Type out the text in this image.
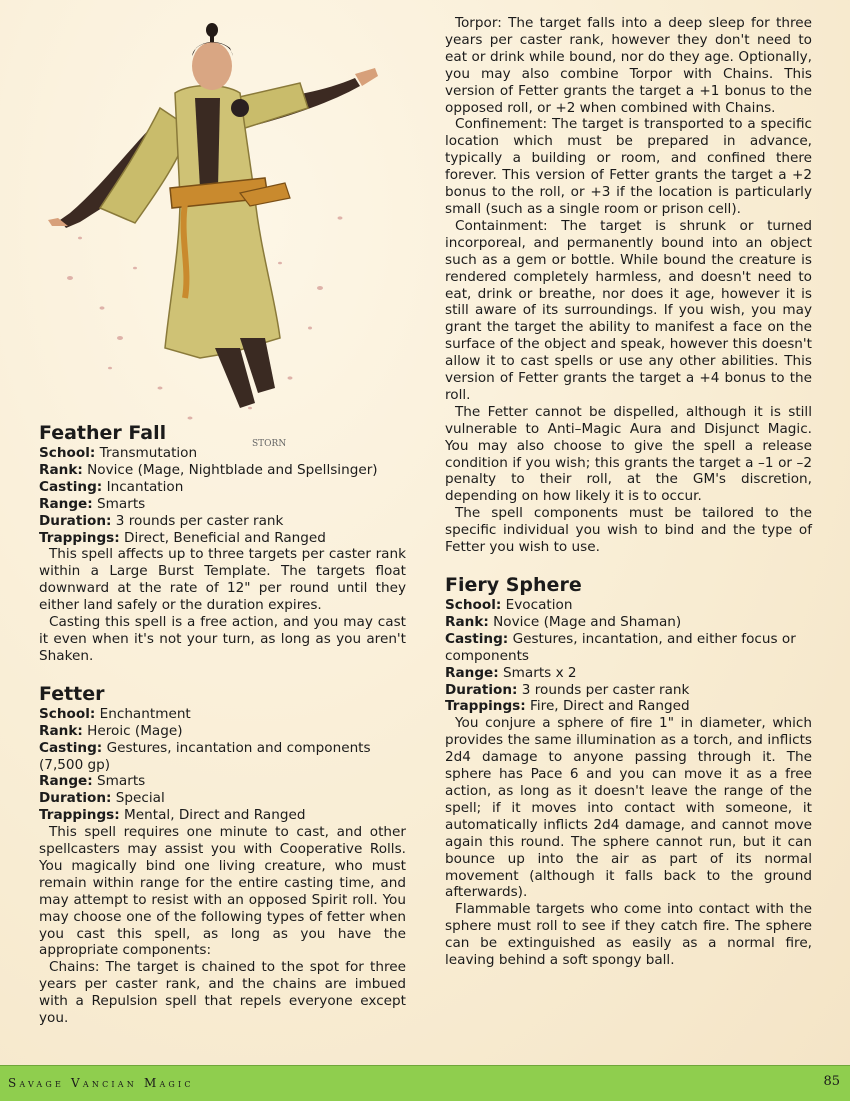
STORN
Feather Fall

School: Transmutation

Rank: Novice (Mage, Nightblade and Spellsinger)

Casting: Incantation

Range: Smarts

Duration: 3 rounds per caster rank

Trappings: Direct, Beneficial and Ranged

This spell affects up to three targets per caster rank within a Large Burst Template. The targets float downward at the rate of 12" per round until they either land safely or the duration expires.

Casting this spell is a free action, and you may cast it even when it's not your turn, as long as you aren't Shaken.

Fetter

School: Enchantment

Rank: Heroic (Mage)

Casting: Gestures, incantation and components (7,500 gp)

Range: Smarts

Duration: Special

Trappings: Mental, Direct and Ranged

This spell requires one minute to cast, and other spellcasters may assist you with Cooperative Rolls. You magically bind one living creature, who must remain within range for the entire casting time, and may attempt to resist with an opposed Spirit roll. You may choose one of the following types of fetter when you cast this spell, as long as you have the appropriate components:

Chains: The target is chained to the spot for three years per caster rank, and the chains are imbued with a Repulsion spell that repels everyone except you.

Torpor: The target falls into a deep sleep for three years per caster rank, however they don't need to eat or drink while bound, nor do they age. Optionally, you may also combine Torpor with Chains. This version of Fetter grants the target a +1 bonus to the opposed roll, or +2 when combined with Chains.

Confinement: The target is transported to a specific location which must be prepared in advance, typically a building or room, and confined there forever. This version of Fetter grants the target a +2 bonus to the roll, or +3 if the location is particularly small (such as a single room or prison cell).

Containment: The target is shrunk or turned incorporeal, and permanently bound into an object such as a gem or bottle. While bound the creature is rendered completely harmless, and doesn't need to eat, drink or breathe, nor does it age, however it is still aware of its surroundings. If you wish, you may grant the target the ability to manifest a face on the surface of the object and speak, however this doesn't allow it to cast spells or use any other abilities. This version of Fetter grants the target a +4 bonus to the roll.

The Fetter cannot be dispelled, although it is still vulnerable to Anti–Magic Aura and Disjunct Magic. You may also choose to give the spell a release condition if you wish; this grants the target a –1 or –2 penalty to their roll, at the GM's discretion, depending on how likely it is to occur.

The spell components must be tailored to the specific individual you wish to bind and the type of Fetter you wish to use.

Fiery Sphere

School: Evocation

Rank: Novice (Mage and Shaman)

Casting: Gestures, incantation, and either focus or components

Range: Smarts x 2

Duration: 3 rounds per caster rank

Trappings: Fire, Direct and Ranged

You conjure a sphere of fire 1" in diameter, which provides the same illumination as a torch, and inflicts 2d4 damage to anyone passing through it. The sphere has Pace 6 and you can move it as a free action, as long as it doesn't leave the range of the spell; if it moves into contact with someone, it automatically inflicts 2d4 damage, and cannot move again this round. The sphere cannot run, but it can bounce up into the air as part of its normal movement (although it falls back to the ground afterwards).

Flammable targets who come into contact with the sphere must roll to see if they catch fire. The sphere can be extinguished as easily as a normal fire, leaving behind a soft spongy ball.

Savage Vancian Magic	85
